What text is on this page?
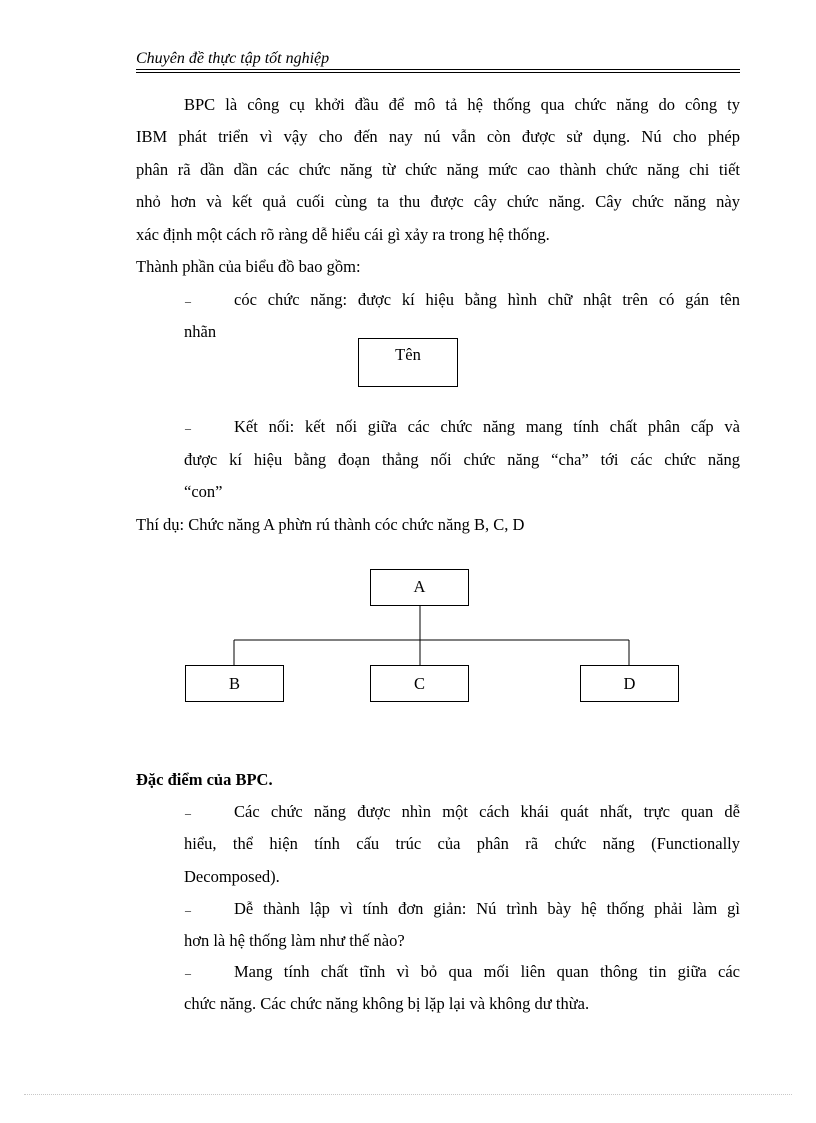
Chuyên đề thực tập tốt nghiệp
BPC là công cụ khởi đầu để mô tả hệ thống qua chức năng do công ty
IBM phát triển vì vậy cho đến nay nú vẫn còn được sử dụng. Nú cho phép
phân rã dần dần các chức năng từ chức năng mức cao thành chức năng chi tiết
nhỏ hơn và kết quả cuối cùng ta thu được cây chức năng. Cây chức năng này
xác định một cách rõ ràng dễ hiểu cái gì xảy ra trong hệ thống.
Thành phần của biểu đồ bao gồm:
–	cóc chức năng: được kí hiệu bằng hình chữ nhật trên có gán tên
nhãn
Tên
–	Kết nối: kết nối giữa các chức năng mang tính chất phân cấp và
được kí hiệu bằng đoạn thẳng nối chức năng “cha” tới các chức năng
“con”
Thí dụ: Chức năng A phừn rú thành cóc chức năng B, C, D
A
B	C	D
Đặc điểm của BPC.
–	Các chức năng được nhìn một cách khái quát nhất, trực quan dễ
hiểu, thể hiện tính cấu trúc của phân rã chức năng (Functionally
Decomposed).
–	Dễ thành lập vì tính đơn giản: Nú trình bày hệ thống phải làm gì
hơn là hệ thống làm như thế nào?
–	Mang tính chất tĩnh vì bỏ qua mối liên quan thông tin giữa các
chức năng. Các chức năng không bị lặp lại và không dư thừa.
